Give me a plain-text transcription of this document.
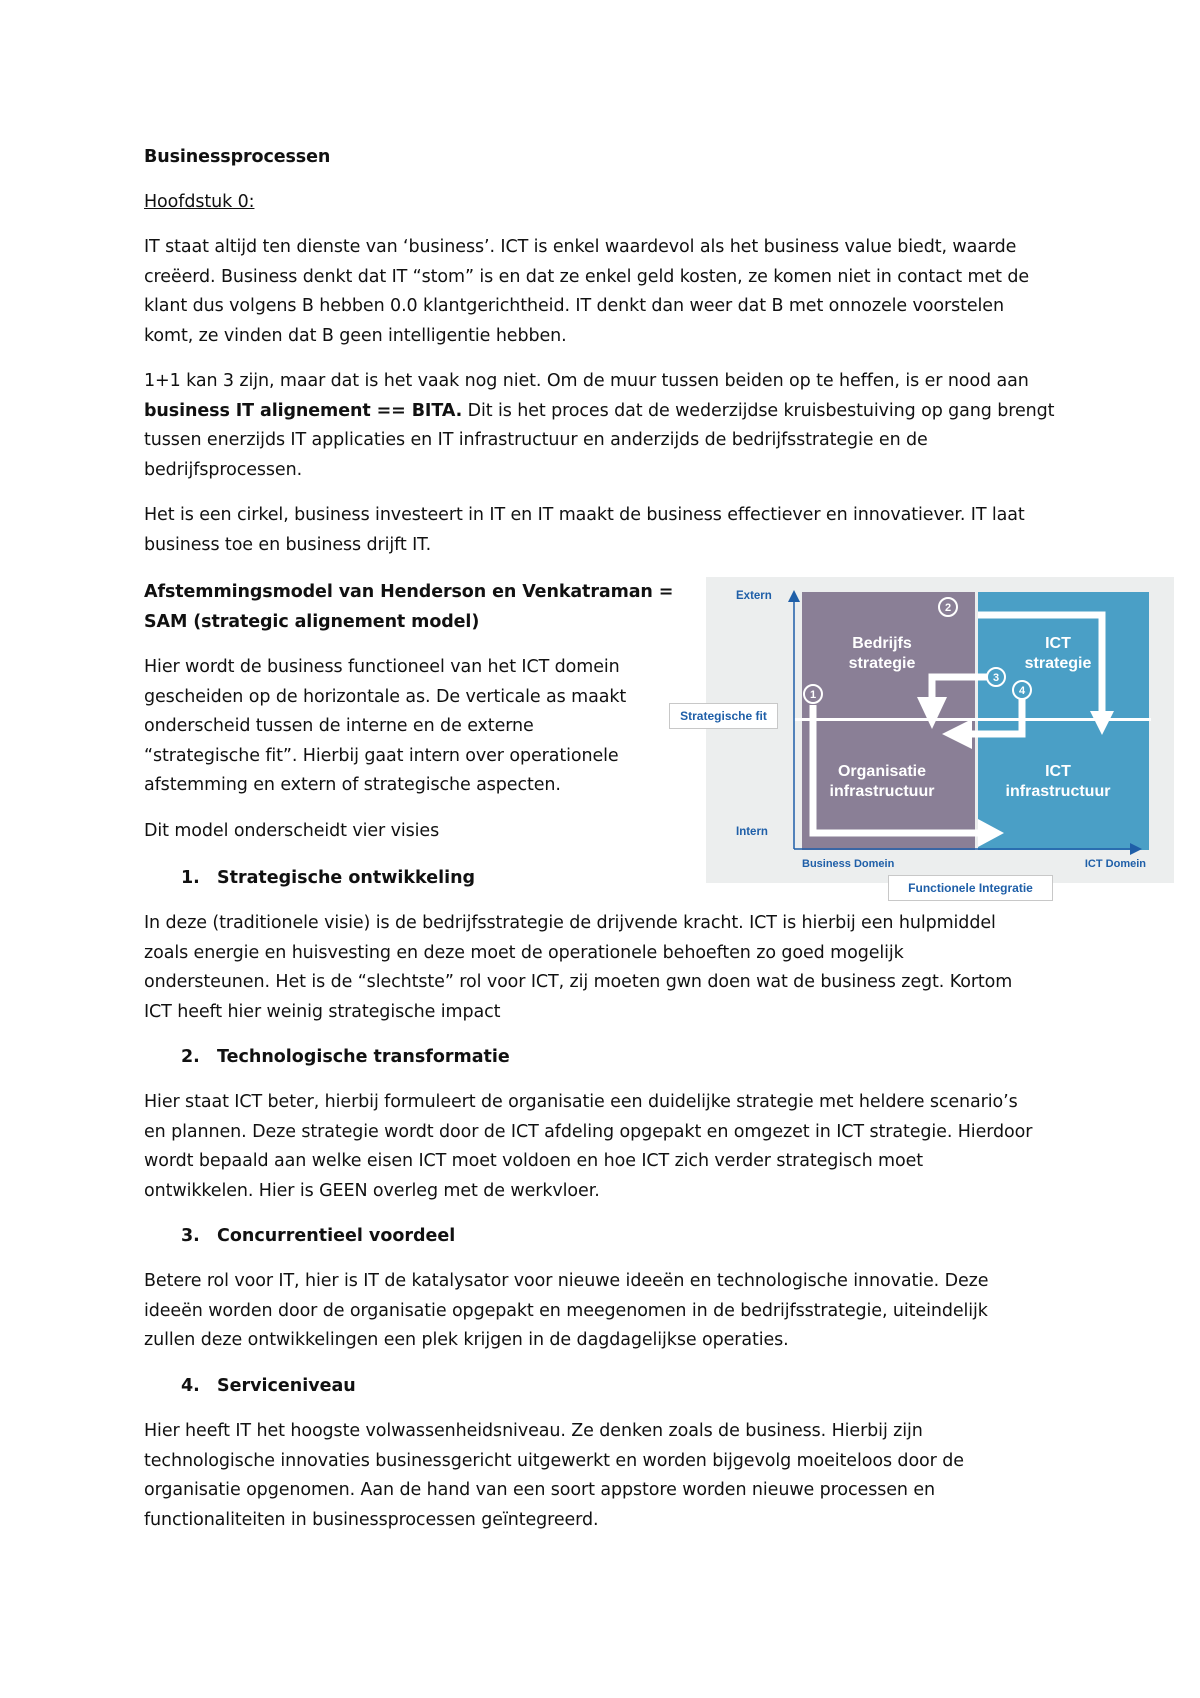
Businessprocessen

Hoofdstuk 0:

IT staat altijd ten dienste van ‘business’. ICT is enkel waardevol als het business value biedt, waarde
creëerd. Business denkt dat IT “stom” is en dat ze enkel geld kosten, ze komen niet in contact met de
klant dus volgens B hebben 0.0 klantgerichtheid. IT denkt dan weer dat B met onnozele voorstelen
komt, ze vinden dat B geen intelligentie hebben.
1+1 kan 3 zijn, maar dat is het vaak nog niet. Om de muur tussen beiden op te heffen, is er nood aan
business IT alignement == BITA. Dit is het proces dat de wederzijdse kruisbestuiving op gang brengt
tussen enerzijds IT applicaties en IT infrastructuur en anderzijds de bedrijfsstrategie en de
bedrijfsprocessen.
Het is een cirkel, business investeert in IT en IT maakt de business effectiever en innovatiever. IT laat
business toe en business drijft IT.
Afstemmingsmodel van Henderson en Venkatraman =
SAM (strategic alignement model)
Hier wordt de business functioneel van het ICT domein
gescheiden op de horizontale as. De verticale as maakt
onderscheid tussen de interne en de externe
“strategische fit”. Hierbij gaat intern over operationele
afstemming en extern of strategische aspecten.

Dit model onderscheidt vier visies

1. Strategische ontwikkeling

In deze (traditionele visie) is de bedrijfsstrategie de drijvende kracht. ICT is hierbij een hulpmiddel
zoals energie en huisvesting en deze moet de operationele behoeften zo goed mogelijk
ondersteunen. Het is de “slechtste” rol voor ICT, zij moeten gwn doen wat de business zegt. Kortom
ICT heeft hier weinig strategische impact

2. Technologische transformatie

Hier staat ICT beter, hierbij formuleert de organisatie een duidelijke strategie met heldere scenario’s
en plannen. Deze strategie wordt door de ICT afdeling opgepakt en omgezet in ICT strategie. Hierdoor
wordt bepaald aan welke eisen ICT moet voldoen en hoe ICT zich verder strategisch moet
ontwikkelen. Hier is GEEN overleg met de werkvloer.

3. Concurrentieel voordeel

Betere rol voor IT, hier is IT de katalysator voor nieuwe ideeën en technologische innovatie. Deze
ideeën worden door de organisatie opgepakt en meegenomen in de bedrijfsstrategie, uiteindelijk
zullen deze ontwikkelingen een plek krijgen in de dagdagelijkse operaties.

4. Serviceniveau

Hier heeft IT het hoogste volwassenheidsniveau. Ze denken zoals de business. Hierbij zijn
technologische innovaties businessgericht uitgewerkt en worden bijgevolg moeiteloos door de
organisatie opgenomen. Aan de hand van een soort appstore worden nieuwe processen en
functionaliteiten in businessprocessen geïntegreerd.
1
2
3
4
Bedrijfs
strategie
ICT
strategie
Organisatie
infrastructuur
ICT
infrastructuur
Extern
Intern
Business Domein	ICT Domein
Strategische fit
Functionele Integratie
